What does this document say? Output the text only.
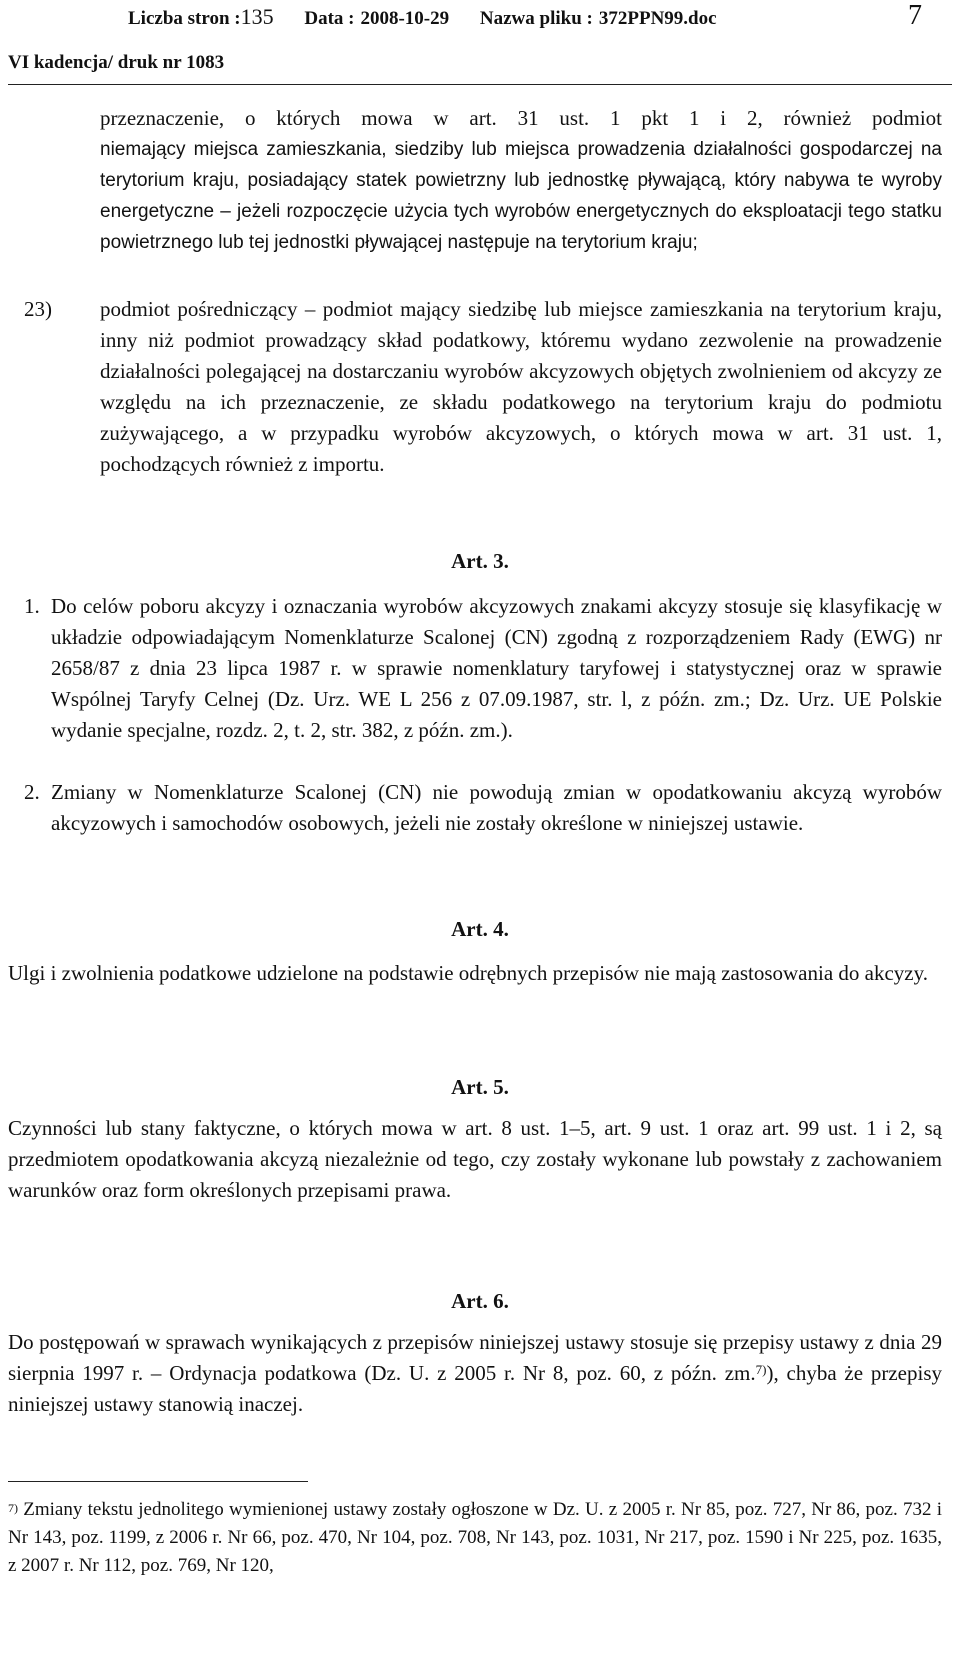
Liczba stron :135 Data : 2008-10-29 Nazwa pliku : 372PPN99.doc	7
VI kadencja/ druk nr 1083
przeznaczenie, o których mowa w art. 31 ust. 1 pkt 1 i 2, również podmiot
niemający miejsca zamieszkania, siedziby lub miejsca prowadzenia działalności gospodarczej na terytorium kraju, posiadający statek powietrzny lub jednostkę pływającą, który nabywa te wyroby energetyczne – jeżeli rozpoczęcie użycia tych wyrobów energetycznych do eksploatacji tego statku powietrznego lub tej jednostki pływającej następuje na terytorium kraju;
23) podmiot pośredniczący – podmiot mający siedzibę lub miejsce zamieszkania na terytorium kraju, inny niż podmiot prowadzący skład podatkowy, któremu wydano zezwolenie na prowadzenie działalności polegającej na dostarczaniu wyrobów akcyzowych objętych zwolnieniem od akcyzy ze względu na ich przeznaczenie, ze składu podatkowego na terytorium kraju do podmiotu zużywającego, a w przypadku wyrobów akcyzowych, o których mowa w art. 31 ust. 1, pochodzących również z importu.
Art. 3.
1. Do celów poboru akcyzy i oznaczania wyrobów akcyzowych znakami akcyzy stosuje się klasyfikację w układzie odpowiadającym Nomenklaturze Scalonej (CN) zgodną z rozporządzeniem Rady (EWG) nr 2658/87 z dnia 23 lipca 1987 r. w sprawie nomenklatury taryfowej i statystycznej oraz w sprawie Wspólnej Taryfy Celnej (Dz. Urz. WE L 256 z 07.09.1987, str. l, z późn. zm.; Dz. Urz. UE Polskie wydanie specjalne, rozdz. 2, t. 2, str. 382, z późn. zm.).
2. Zmiany w Nomenklaturze Scalonej (CN) nie powodują zmian w opodatkowaniu akcyzą wyrobów akcyzowych i samochodów osobowych, jeżeli nie zostały określone w niniejszej ustawie.
Art. 4.
Ulgi i zwolnienia podatkowe udzielone na podstawie odrębnych przepisów nie mają zastosowania do akcyzy.
Art. 5.
Czynności lub stany faktyczne, o których mowa w art. 8 ust. 1–5, art. 9 ust. 1 oraz art. 99 ust. 1 i 2, są przedmiotem opodatkowania akcyzą niezależnie od tego, czy zostały wykonane lub powstały z zachowaniem warunków oraz form określonych przepisami prawa.
Art. 6.
Do postępowań w sprawach wynikających z przepisów niniejszej ustawy stosuje się przepisy ustawy z dnia 29 sierpnia 1997 r. – Ordynacja podatkowa (Dz. U. z 2005 r. Nr 8, poz. 60, z późn. zm.$^{7)}$), chyba że przepisy niniejszej ustawy stanowią inaczej.
$^{7)}$ Zmiany tekstu jednolitego wymienionej ustawy zostały ogłoszone w Dz. U. z 2005 r. Nr 85, poz. 727, Nr 86, poz. 732 i Nr 143, poz. 1199, z 2006 r. Nr 66, poz. 470, Nr 104, poz. 708, Nr 143, poz. 1031, Nr 217, poz. 1590 i Nr 225, poz. 1635, z 2007 r. Nr 112, poz. 769, Nr 120,
